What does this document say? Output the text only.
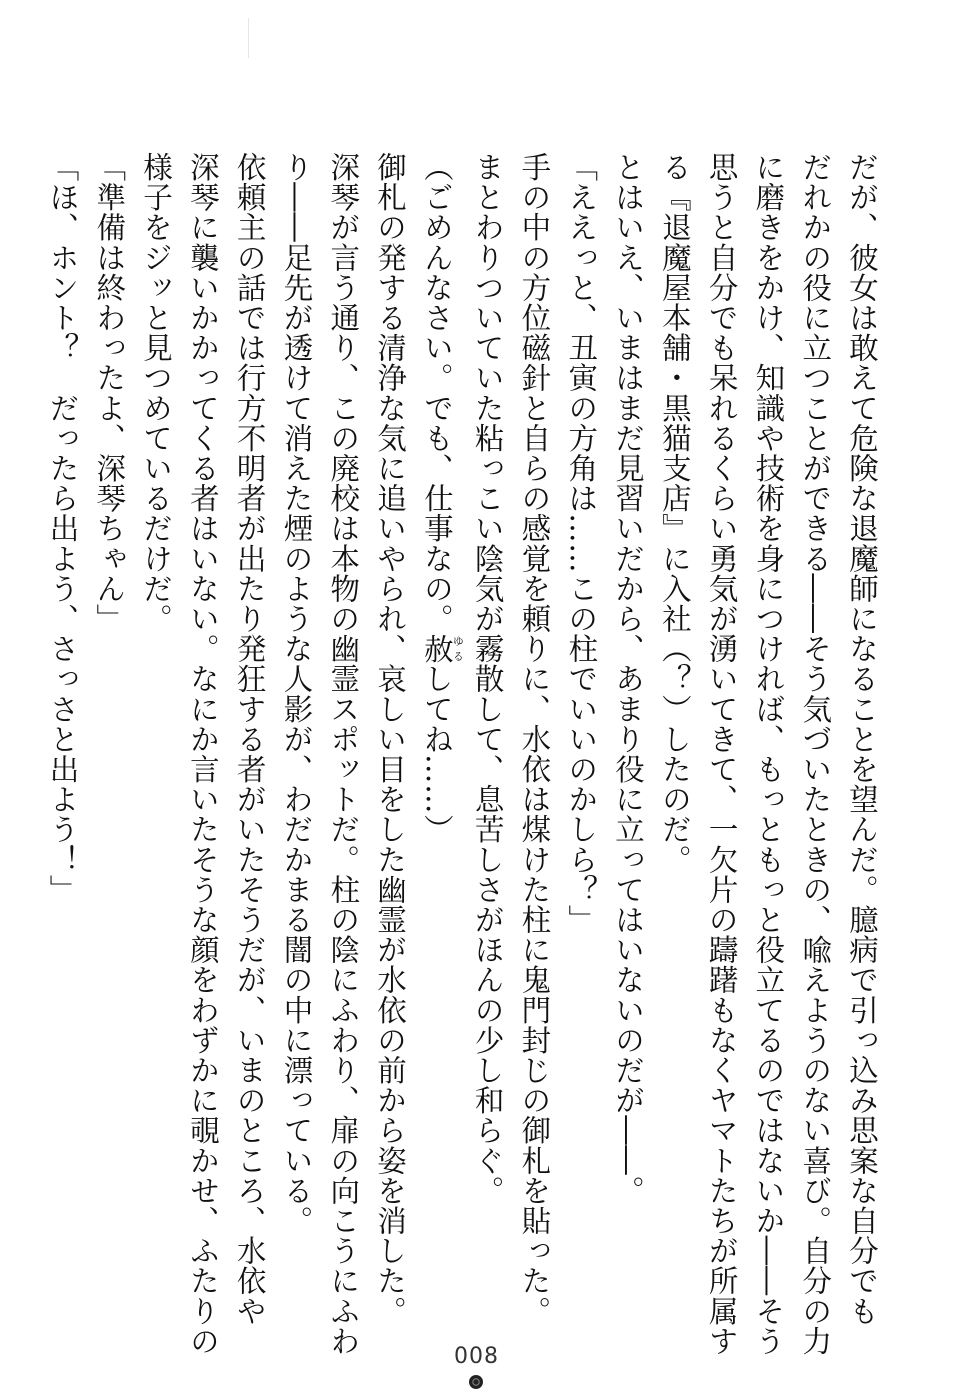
だが、彼女は敢えて危険な退魔師になることを望んだ。臆病で引っ込み思案な自分でも
だれかの役に立つことができる――そう気づいたときの、喩えようのない喜び。自分の力
に磨きをかけ、知識や技術を身につければ、もっともっと役立てるのではないか――そう
思うと自分でも呆れるくらい勇気が湧いてきて、一欠片の躊躇もなくヤマトたちが所属す
る『退魔屋本舗・黒猫支店』に入社（？）したのだ。
とはいえ、いまはまだ見習いだから、あまり役に立ってはいないのだが――。
「ええっと、丑寅の方角は……この柱でいいのかしら？」
手の中の方位磁針と自らの感覚を頼りに、水依は煤けた柱に鬼門封じの御札を貼った。
まとわりついていた粘っこい陰気が霧散して、息苦しさがほんの少し和らぐ。
（ごめんなさい。でも、仕事なの。赦ゆるしてね……）
御札の発する清浄な気に追いやられ、哀しい目をした幽霊が水依の前から姿を消した。
深琴が言う通り、この廃校は本物の幽霊スポットだ。柱の陰にふわり、扉の向こうにふわ
り――足先が透けて消えた煙のような人影が、わだかまる闇の中に漂っている。
依頼主の話では行方不明者が出たり発狂する者がいたそうだが、いまのところ、水依や
深琴に襲いかかってくる者はいない。なにか言いたそうな顔をわずかに覗かせ、ふたりの
様子をジッと見つめているだけだ。
「準備は終わったよ、深琴ちゃん」
「ほ、ホント？　だったら出よう、さっさと出よう！」
008
